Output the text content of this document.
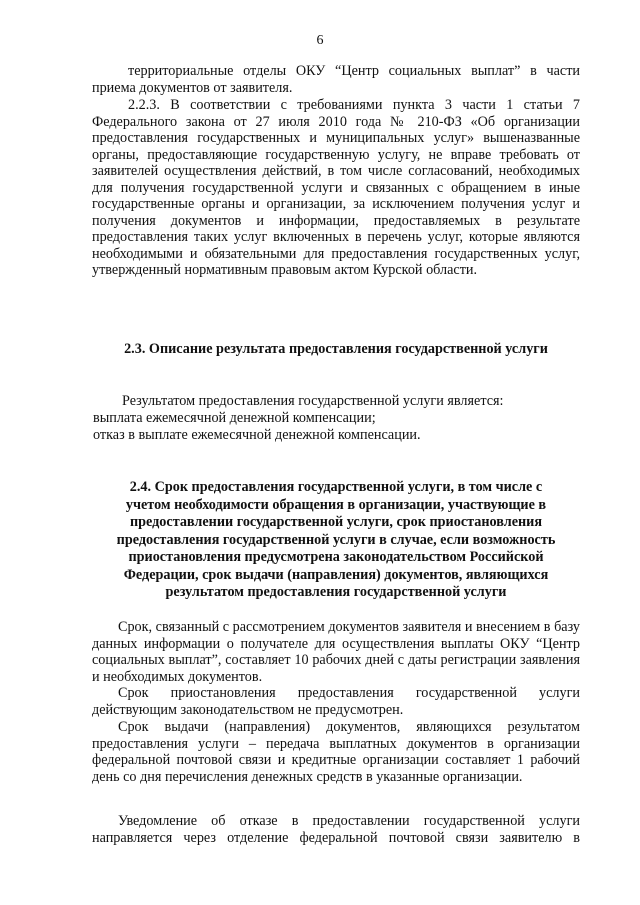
6

территориальные отделы ОКУ “Центр социальных выплат” в части приема документов от заявителя.

2.2.3. В соответствии с требованиями пункта 3 части 1 статьи 7 Федерального закона от 27 июля 2010 года № 210-ФЗ «Об организации предоставления государственных и муниципальных услуг» вышеназванные органы, предоставляющие государственную услугу, не вправе требовать от заявителей осуществления действий, в том числе согласований, необходимых для получения государственной услуги и связанных с обращением в иные государственные органы и организации, за исключением получения услуг и получения документов и информации, предоставляемых в результате предоставления таких услуг включенных в перечень услуг, которые являются необходимыми и обязательными для предоставления государственных услуг, утвержденный нормативным правовым актом Курской области.

2.3. Описание результата предоставления государственной услуги

Результатом предоставления государственной услуги является:

выплата ежемесячной денежной компенсации;

отказ в выплате ежемесячной денежной компенсации.

2.4. Срок предоставления государственной услуги, в том числе с

учетом необходимости обращения в организации, участвующие в

предоставлении государственной услуги, срок приостановления

предоставления государственной услуги в случае, если возможность

приостановления предусмотрена законодательством Российской

Федерации, срок выдачи (направления) документов, являющихся

результатом предоставления государственной услуги

Срок, связанный с рассмотрением документов заявителя и внесением в базу данных информации о получателе для осуществления выплаты ОКУ “Центр социальных выплат”, составляет 10 рабочих дней с даты регистрации заявления и необходимых документов.

Срок приостановления предоставления государственной услуги действующим законодательством не предусмотрен.

Срок выдачи (направления) документов, являющихся результатом предоставления услуги – передача выплатных документов в организации федеральной почтовой связи и кредитные организации составляет 1 рабочий день со дня перечисления денежных средств в указанные организации.

Уведомление об отказе в предоставлении государственной услуги направляется через отделение федеральной почтовой связи заявителю в
